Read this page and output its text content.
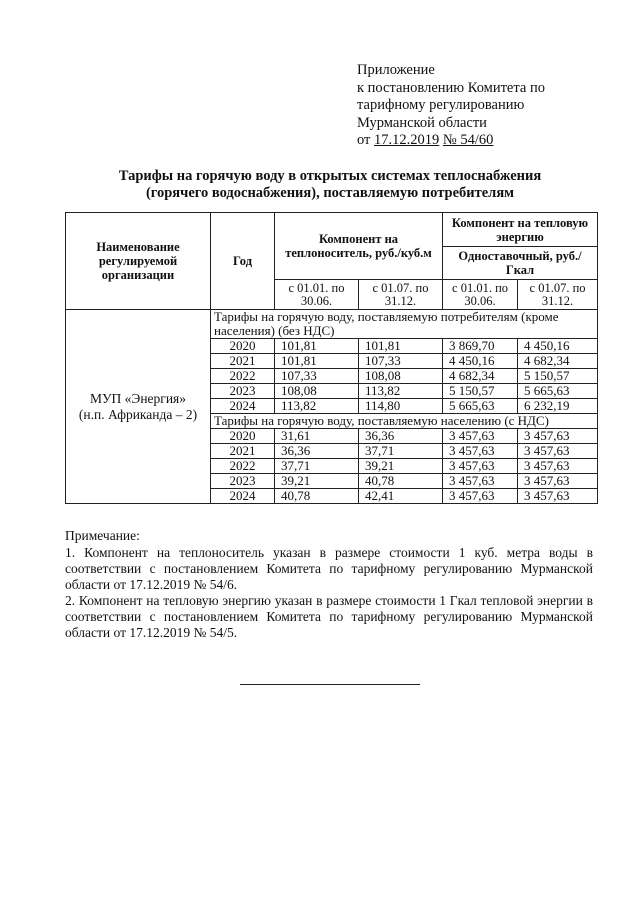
Приложение
к постановлению Комитета по
тарифному регулированию
Мурманской области
от 17.12.2019 № 54/60
Тарифы на горячую воду в открытых системах теплоснабжения
(горячего водоснабжения), поставляемую потребителям
Наименование регулируемой организации	Год	Компонент на теплоноситель, руб./куб.м		Компонент на тепловую энергию	
				Одноставочный, руб./Гкал	
		с 01.01. по 30.06.	с 01.07. по 31.12.	с 01.01. по 30.06.	с 01.07. по 31.12.

МУП «Энергия»
(н.п. Африканда – 2)	Тарифы на горячую воду, поставляемую потребителям (кроме населения) (без НДС)				
	2020	101,81	101,81	3 869,70	4 450,16
	2021	101,81	107,33	4 450,16	4 682,34
	2022	107,33	108,08	4 682,34	5 150,57
	2023	108,08	113,82	5 150,57	5 665,63
	2024	113,82	114,80	5 665,63	6 232,19
	Тарифы на горячую воду, поставляемую населению (с НДС)				
	2020	31,61	36,36	3 457,63	3 457,63
	2021	36,36	37,71	3 457,63	3 457,63
	2022	37,71	39,21	3 457,63	3 457,63
	2023	39,21	40,78	3 457,63	3 457,63
	2024	40,78	42,41	3 457,63	3 457,63

Примечание:

1. Компонент на теплоноситель указан в размере стоимости 1 куб. метра воды в соответствии с постановлением Комитета по тарифному регулированию Мурманской области от 17.12.2019 № 54/6.

2. Компонент на тепловую энергию указан в размере стоимости 1 Гкал тепловой энергии в соответствии с постановлением Комитета по тарифному регулированию Мурманской области от 17.12.2019 № 54/5.
